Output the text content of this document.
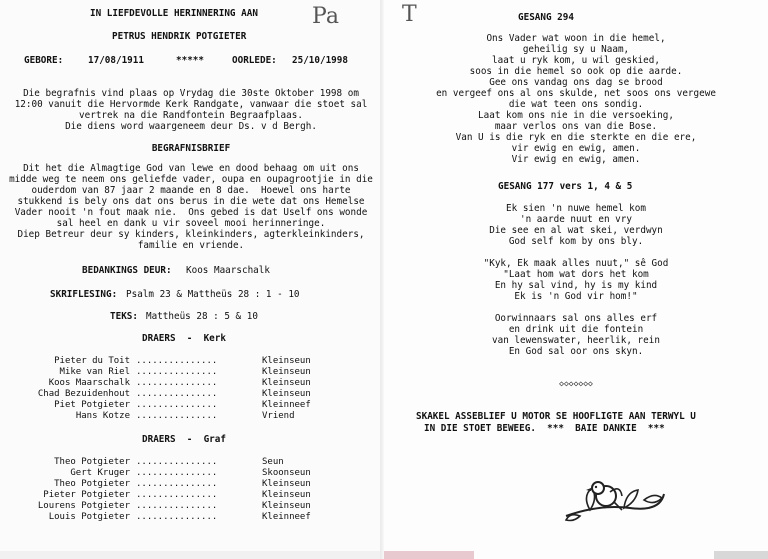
IN LIEFDEVOLLE HERINNERING AAN Pa
PETRUS HENDRIK POTGIETER
GEBORE:	17/08/1911	*****	OORLEDE: 25/10/1998
Die begrafnis vind plaas op Vrydag die 30ste Oktober 1998 om
12:00 vanuit die Hervormde Kerk Randgate, vanwaar die stoet sal
vertrek na die Randfontein Begraafplaas.
Die diens word waargeneem deur Ds. v d Bergh.
BEGRAFNISBRIEF
Dit het die Almagtige God van lewe en dood behaag om uit ons
midde weg te neem ons geliefde vader, oupa en oupagrootjie in die
ouderdom van 87 jaar 2 maande en 8 dae.  Hoewel ons harte
stukkend is bely ons dat ons berus in die wete dat ons Hemelse
Vader nooit 'n fout maak nie.  Ons gebed is dat Uself ons wonde
sal heel en dank u vir soveel mooi herinneringe.
Diep Betreur deur sy kinders, kleinkinders, agterkleinkinders,
familie en vriende.
BEDANKINGS DEUR: Koos Maarschalk
SKRIFLESING: Psalm 23 & Mattheüs 28 : 1 - 10
TEKS: Mattheüs 28 : 5 & 10
DRAERS  -  Kerk
Pieter du Toit ...............	Kleinseun
Mike van Riel ...............	Kleinseun
Koos Maarschalk ...............	Kleinseun
Chad Bezuidenhout ...............	Kleinseun
Piet Potgieter ...............	Kleinneef
Hans Kotze ...............	Vriend
DRAERS  -  Graf
Theo Potgieter ...............	Seun
Gert Kruger ...............	Skoonseun
Theo Potgieter ...............	Kleinseun
Pieter Potgieter ...............	Kleinseun
Lourens Potgieter ...............	Kleinseun
Louis Potgieter ...............	Kleinneef
T	GESANG 294
Ons Vader wat woon in die hemel,
geheilig sy u Naam,
laat u ryk kom, u wil geskied,
soos in die hemel so ook op die aarde.
Gee ons vandag ons dag se brood
en vergeef ons al ons skulde, net soos ons vergewe
die wat teen ons sondig.
Laat kom ons nie in die versoeking,
maar verlos ons van die Bose.
Van U is die ryk en die sterkte en die ere,
vir ewig en ewig, amen.
Vir ewig en ewig, amen.
GESANG 177 vers 1, 4 & 5
Ek sien 'n nuwe hemel kom
'n aarde nuut en vry
Die see en al wat skei, verdwyn
God self kom by ons bly.
"Kyk, Ek maak alles nuut," sê God
"Laat hom wat dors het kom
En hy sal vind, hy is my kind
Ek is 'n God vir hom!"
Oorwinnaars sal ons alles erf
en drink uit die fontein
van lewenswater, heerlik, rein
En God sal oor ons skyn.
◇◇◇◇◇◇◇
SKAKEL ASSEBLIEF U MOTOR SE HOOFLIGTE AAN TERWYL U
IN DIE STOET BEWEEG.  ***  BAIE DANKIE  ***
